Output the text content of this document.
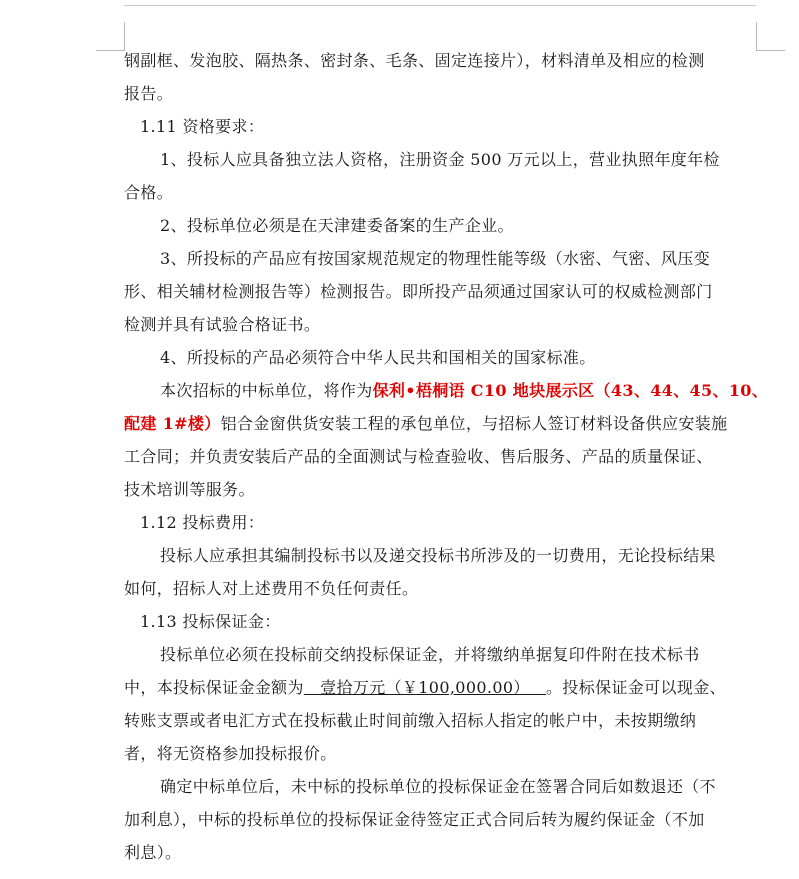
钢副框、发泡胶、隔热条、密封条、毛条、固定连接片），材料清单及相应的检测
报告。
1.11 资格要求：
1、投标人应具备独立法人资格，注册资金 500 万元以上，营业执照年度年检
合格。
2、投标单位必须是在天津建委备案的生产企业。
3、所投标的产品应有按国家规范规定的物理性能等级（水密、气密、风压变
形、相关辅材检测报告等）检测报告。即所投产品须通过国家认可的权威检测部门
检测并具有试验合格证书。
4、所投标的产品必须符合中华人民共和国相关的国家标准。
本次招标的中标单位，将作为保利•梧桐语 C10 地块展示区（43、44、45、10、
配建 1#楼）铝合金窗供货安装工程的承包单位，与招标人签订材料设备供应安装施
工合同；并负责安装后产品的全面测试与检查验收、售后服务、产品的质量保证、
技术培训等服务。
1.12 投标费用：
投标人应承担其编制投标书以及递交投标书所涉及的一切费用，无论投标结果
如何，招标人对上述费用不负任何责任。
1.13 投标保证金：
投标单位必须在投标前交纳投标保证金，并将缴纳单据复印件附在技术标书
中，本投标保证金金额为   壹拾万元（￥100,000.00）   。投标保证金可以现金、
转账支票或者电汇方式在投标截止时间前缴入招标人指定的帐户中，未按期缴纳
者，将无资格参加投标报价。
确定中标单位后，未中标的投标单位的投标保证金在签署合同后如数退还（不
加利息），中标的投标单位的投标保证金待签定正式合同后转为履约保证金（不加
利息）。
